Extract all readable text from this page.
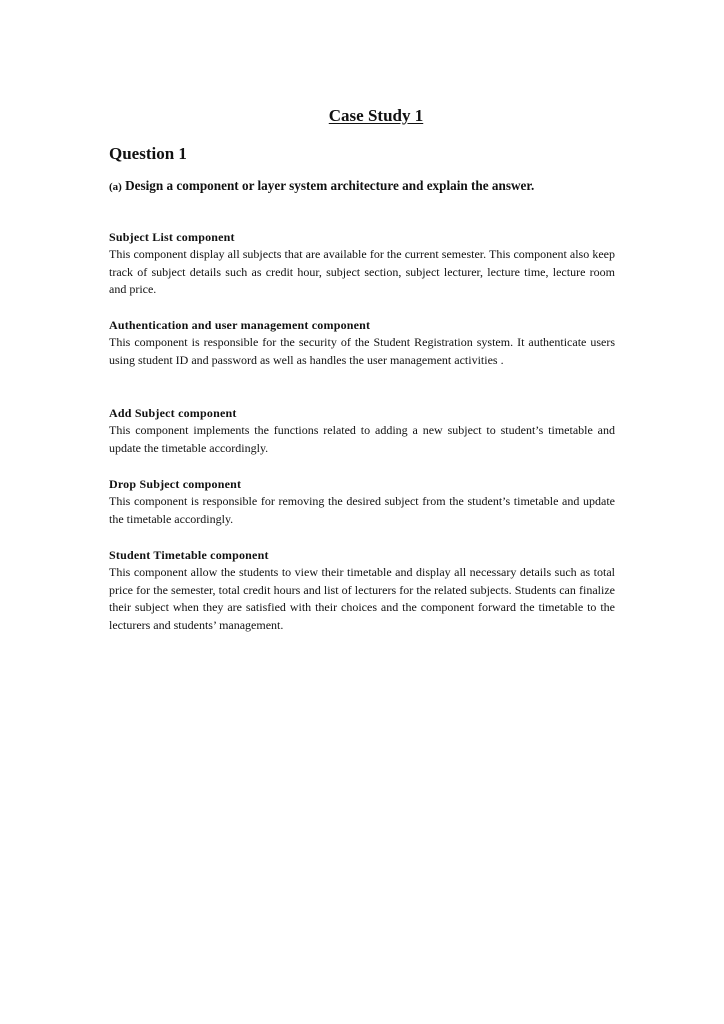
Case Study 1
Question 1
(a) Design a component or layer system architecture and explain the answer.
Subject List component

This component display all subjects that are available for the current semester. This component also keep track of subject details such as credit hour, subject section, subject lecturer, lecture time, lecture room and price.

Authentication and user management component

This component is responsible for the security of the Student Registration system. It authenticate users using student ID and password as well as handles the user management activities .

Add Subject component

This component implements the functions related to adding a new subject to student’s timetable and update the timetable accordingly.

Drop Subject component

This component is responsible for removing the desired subject from the student’s timetable and update the timetable accordingly.

Student Timetable component

This component allow the students to view their timetable and display all necessary details such as total price for the semester, total credit hours and list of lecturers for the related subjects. Students can finalize their subject when they are satisfied with their choices and the component forward the timetable to the lecturers and students’ management.
